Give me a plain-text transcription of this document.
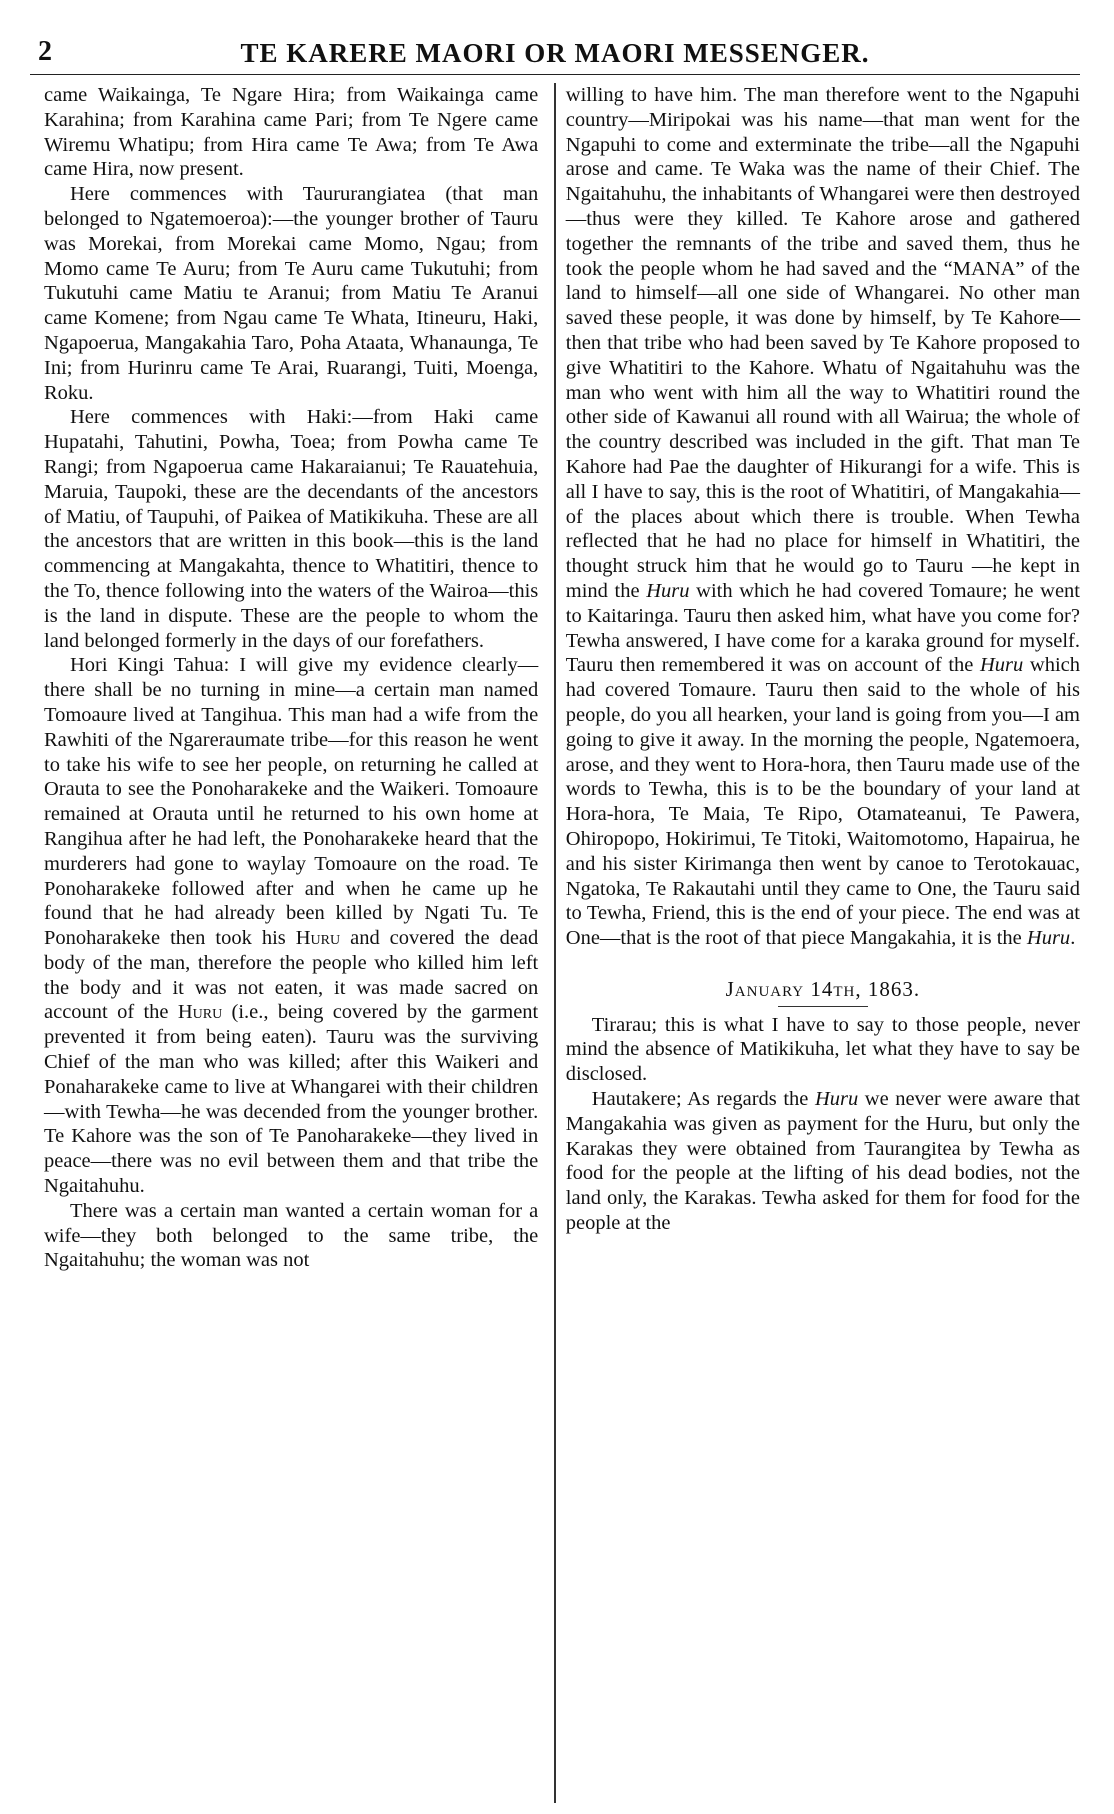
2	TE KARERE MAORI OR MAORI MESSENGER.

came Waikainga, Te Ngare Hira; from Waikainga came Karahina; from Karahina came Pari; from Te Ngere came Wiremu Whatipu; from Hira came Te Awa; from Te Awa came Hira, now present.

Here commences with Taururangiatea (that man belonged to Ngatemoeroa):—the younger brother of Tauru was Morekai, from Morekai came Momo, Ngau; from Momo came Te Auru; from Te Auru came Tukutuhi; from Tukutuhi came Matiu te Aranui; from Matiu Te Aranui came Komene; from Ngau came Te Whata, Itineuru, Haki, Ngapoerua, Mangakahia Taro, Poha Ataata, Whanaunga, Te Ini; from Hurinru came Te Arai, Ruarangi, Tuiti, Moenga, Roku.

Here commences with Haki:—from Haki came Hupatahi, Tahutini, Powha, Toea; from Powha came Te Rangi; from Ngapoerua came Hakaraianui; Te Rauatehuia, Maruia, Taupoki, these are the decendants of the ancestors of Matiu, of Taupuhi, of Paikea of Matikikuha. These are all the ancestors that are written in this book—this is the land commencing at Mangakahta, thence to Whatitiri, thence to the To, thence following into the waters of the Wairoa—this is the land in dispute. These are the people to whom the land belonged formerly in the days of our forefathers.

Hori Kingi Tahua: I will give my evidence clearly—there shall be no turning in mine—a certain man named Tomoaure lived at Tangihua. This man had a wife from the Rawhiti of the Ngareraumate tribe—for this reason he went to take his wife to see her people, on returning he called at Orauta to see the Ponoharakeke and the Waikeri. Tomoaure remained at Orauta until he returned to his own home at Rangihua after he had left, the Ponoharakeke heard that the murderers had gone to waylay Tomoaure on the road. Te Ponoharakeke followed after and when he came up he found that he had already been killed by Ngati Tu. Te Ponoharakeke then took his Huru and covered the dead body of the man, therefore the people who killed him left the body and it was not eaten, it was made sacred on account of the Huru (i.e., being covered by the garment prevented it from being eaten). Tauru was the surviving Chief of the man who was killed; after this Waikeri and Ponaharakeke came to live at Whangarei with their children —with Tewha—he was decended from the younger brother. Te Kahore was the son of Te Panoharakeke—they lived in peace—there was no evil between them and that tribe the Ngaitahuhu.

There was a certain man wanted a certain woman for a wife—they both belonged to the same tribe, the Ngaitahuhu; the woman was not

willing to have him. The man therefore went to the Ngapuhi country—Miripokai was his name—that man went for the Ngapuhi to come and exterminate the tribe—all the Ngapuhi arose and came. Te Waka was the name of their Chief. The Ngaitahuhu, the inhabitants of Whangarei were then destroyed—thus were they killed. Te Kahore arose and gathered together the remnants of the tribe and saved them, thus he took the people whom he had saved and the “MANA” of the land to himself—all one side of Whangarei. No other man saved these people, it was done by himself, by Te Kahore—then that tribe who had been saved by Te Kahore proposed to give Whatitiri to the Kahore. Whatu of Ngaitahuhu was the man who went with him all the way to Whatitiri round the other side of Kawanui all round with all Wairua; the whole of the country described was included in the gift. That man Te Kahore had Pae the daughter of Hikurangi for a wife. This is all I have to say, this is the root of Whatitiri, of Mangakahia—of the places about which there is trouble. When Tewha reflected that he had no place for himself in Whatitiri, the thought struck him that he would go to Tauru —he kept in mind the Huru with which he had covered Tomaure; he went to Kaitaringa. Tauru then asked him, what have you come for? Tewha answered, I have come for a karaka ground for myself. Tauru then remembered it was on account of the Huru which had covered Tomaure. Tauru then said to the whole of his people, do you all hearken, your land is going from you—I am going to give it away. In the morning the people, Ngatemoera, arose, and they went to Hora-hora, then Tauru made use of the words to Tewha, this is to be the boundary of your land at Hora-hora, Te Maia, Te Ripo, Otamateanui, Te Pawera, Ohiropopo, Hokirimui, Te Titoki, Waitomotomo, Hapairua, he and his sister Kirimanga then went by canoe to Terotokauac, Ngatoka, Te Rakautahi until they came to One, the Tauru said to Tewha, Friend, this is the end of your piece. The end was at One—that is the root of that piece Mangakahia, it is the Huru.

January 14th, 1863.

Tirarau; this is what I have to say to those people, never mind the absence of Matikikuha, let what they have to say be disclosed.

Hautakere; As regards the Huru we never were aware that Mangakahia was given as payment for the Huru, but only the Karakas they were obtained from Taurangitea by Tewha as food for the people at the lifting of his dead bodies, not the land only, the Karakas. Tewha asked for them for food for the people at the
